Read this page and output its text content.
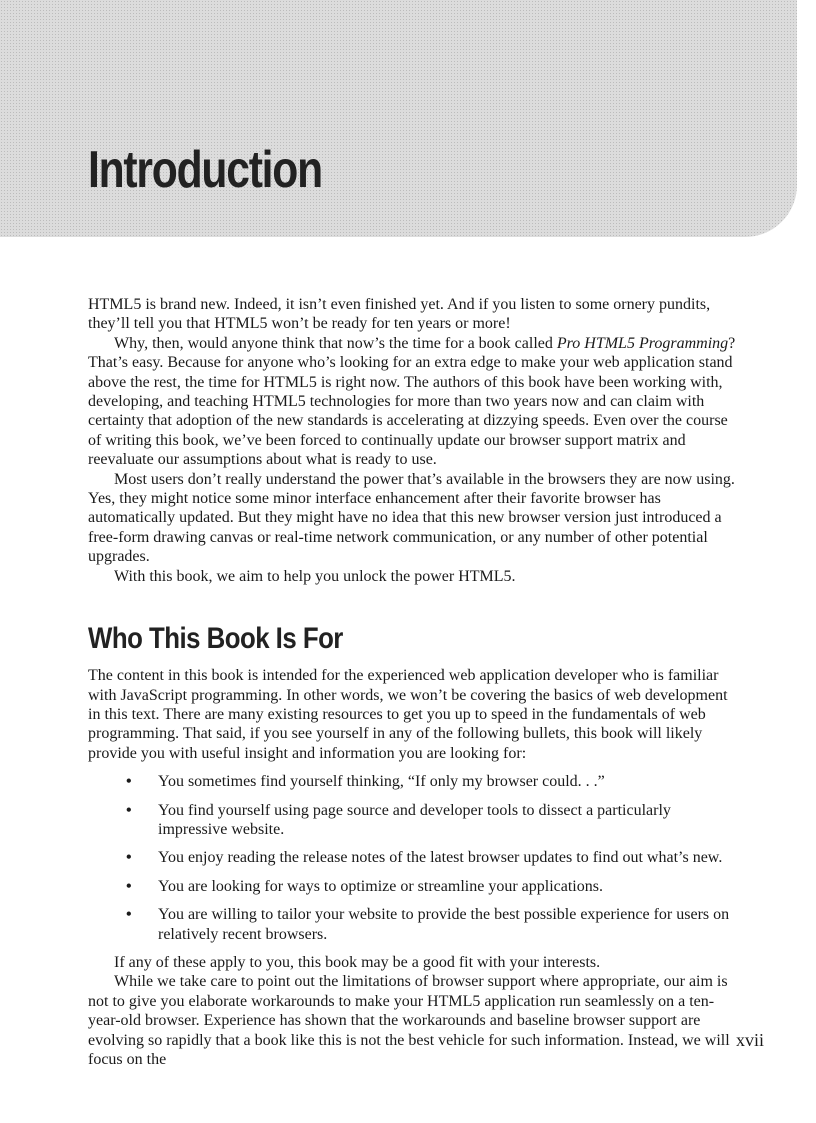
Introduction

HTML5 is brand new. Indeed, it isn’t even finished yet. And if you listen to some ornery pundits, they’ll tell you that HTML5 won’t be ready for ten years or more!

Why, then, would anyone think that now’s the time for a book called Pro HTML5 Programming? That’s easy. Because for anyone who’s looking for an extra edge to make your web application stand above the rest, the time for HTML5 is right now. The authors of this book have been working with, developing, and teaching HTML5 technologies for more than two years now and can claim with certainty that adoption of the new standards is accelerating at dizzying speeds. Even over the course of writing this book, we’ve been forced to continually update our browser support matrix and reevaluate our assumptions about what is ready to use.

Most users don’t really understand the power that’s available in the browsers they are now using. Yes, they might notice some minor interface enhancement after their favorite browser has automatically updated. But they might have no idea that this new browser version just introduced a free-form drawing canvas or real-time network communication, or any number of other potential upgrades.

With this book, we aim to help you unlock the power HTML5.

Who This Book Is For

The content in this book is intended for the experienced web application developer who is familiar with JavaScript programming. In other words, we won’t be covering the basics of web development in this text. There are many existing resources to get you up to speed in the fundamentals of web programming. That said, if you see yourself in any of the following bullets, this book will likely provide you with useful insight and information you are looking for:

• You sometimes find yourself thinking, “If only my browser could. . .”
• You find yourself using page source and developer tools to dissect a particularly impressive website.
• You enjoy reading the release notes of the latest browser updates to find out what’s new.
• You are looking for ways to optimize or streamline your applications.
• You are willing to tailor your website to provide the best possible experience for users on relatively recent browsers.

If any of these apply to you, this book may be a good fit with your interests.

While we take care to point out the limitations of browser support where appropriate, our aim is not to give you elaborate workarounds to make your HTML5 application run seamlessly on a ten-year-old browser. Experience has shown that the workarounds and baseline browser support are evolving so rapidly that a book like this is not the best vehicle for such information. Instead, we will focus on the

xvii
